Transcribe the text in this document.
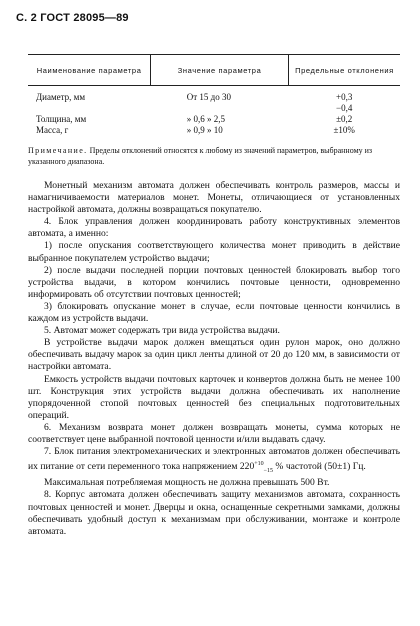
С. 2 ГОСТ 28095—89
Наименование параметра	Значение параметра	Предельные отклонения

Диаметр, мм	От 15 до 30	+0,3
		−0,4
Толщина, мм	» 0,6 » 2,5	±0,2
Масса, г	» 0,9 » 10	±10%
Примечание. Пределы отклонений относятся к любому из значений параметров, выбранному из указанного диапазона.

Монетный механизм автомата должен обеспечивать контроль размеров, массы и намагничиваемости материалов монет. Монеты, отличающиеся от установленных настройкой автомата, должны возвращаться покупателю.

4. Блок управления должен координировать работу конструктивных элементов автомата, а именно:

1) после опускания соответствующего количества монет приводить в действие выбранное покупателем устройство выдачи;

2) после выдачи последней порции почтовых ценностей блокировать выбор того устройства выдачи, в котором кончились почтовые ценности, одновременно информировать об отсутствии почтовых ценностей;

3) блокировать опускание монет в случае, если почтовые ценности кончились в каждом из устройств выдачи.

5. Автомат может содержать три вида устройства выдачи.

В устройстве выдачи марок должен вмещаться один рулон марок, оно должно обеспечивать выдачу марок за один цикл ленты длиной от 20 до 120 мм, в зависимости от настройки автомата.

Емкость устройств выдачи почтовых карточек и конвертов должна быть не менее 100 шт. Конструкция этих устройств выдачи должна обеспечивать их наполнение упорядоченной стопой почтовых ценностей без специальных подготовительных операций.

6. Механизм возврата монет должен возвращать монеты, сумма которых не соответствует цене выбранной почтовой ценности и/или выдавать сдачу.

7. Блок питания электромеханических и электронных автоматов должен обеспечивать их питание от сети переменного тока напряжением $220^{+10}_{-15}$ % частотой (50±1) Гц.

Максимальная потребляемая мощность не должна превышать 500 Вт.

8. Корпус автомата должен обеспечивать защиту механизмов автомата, сохранность почтовых ценностей и монет. Дверцы и окна, оснащенные секретными замками, должны обеспечивать удобный доступ к механизмам при обслуживании, монтаже и контроле автомата.
